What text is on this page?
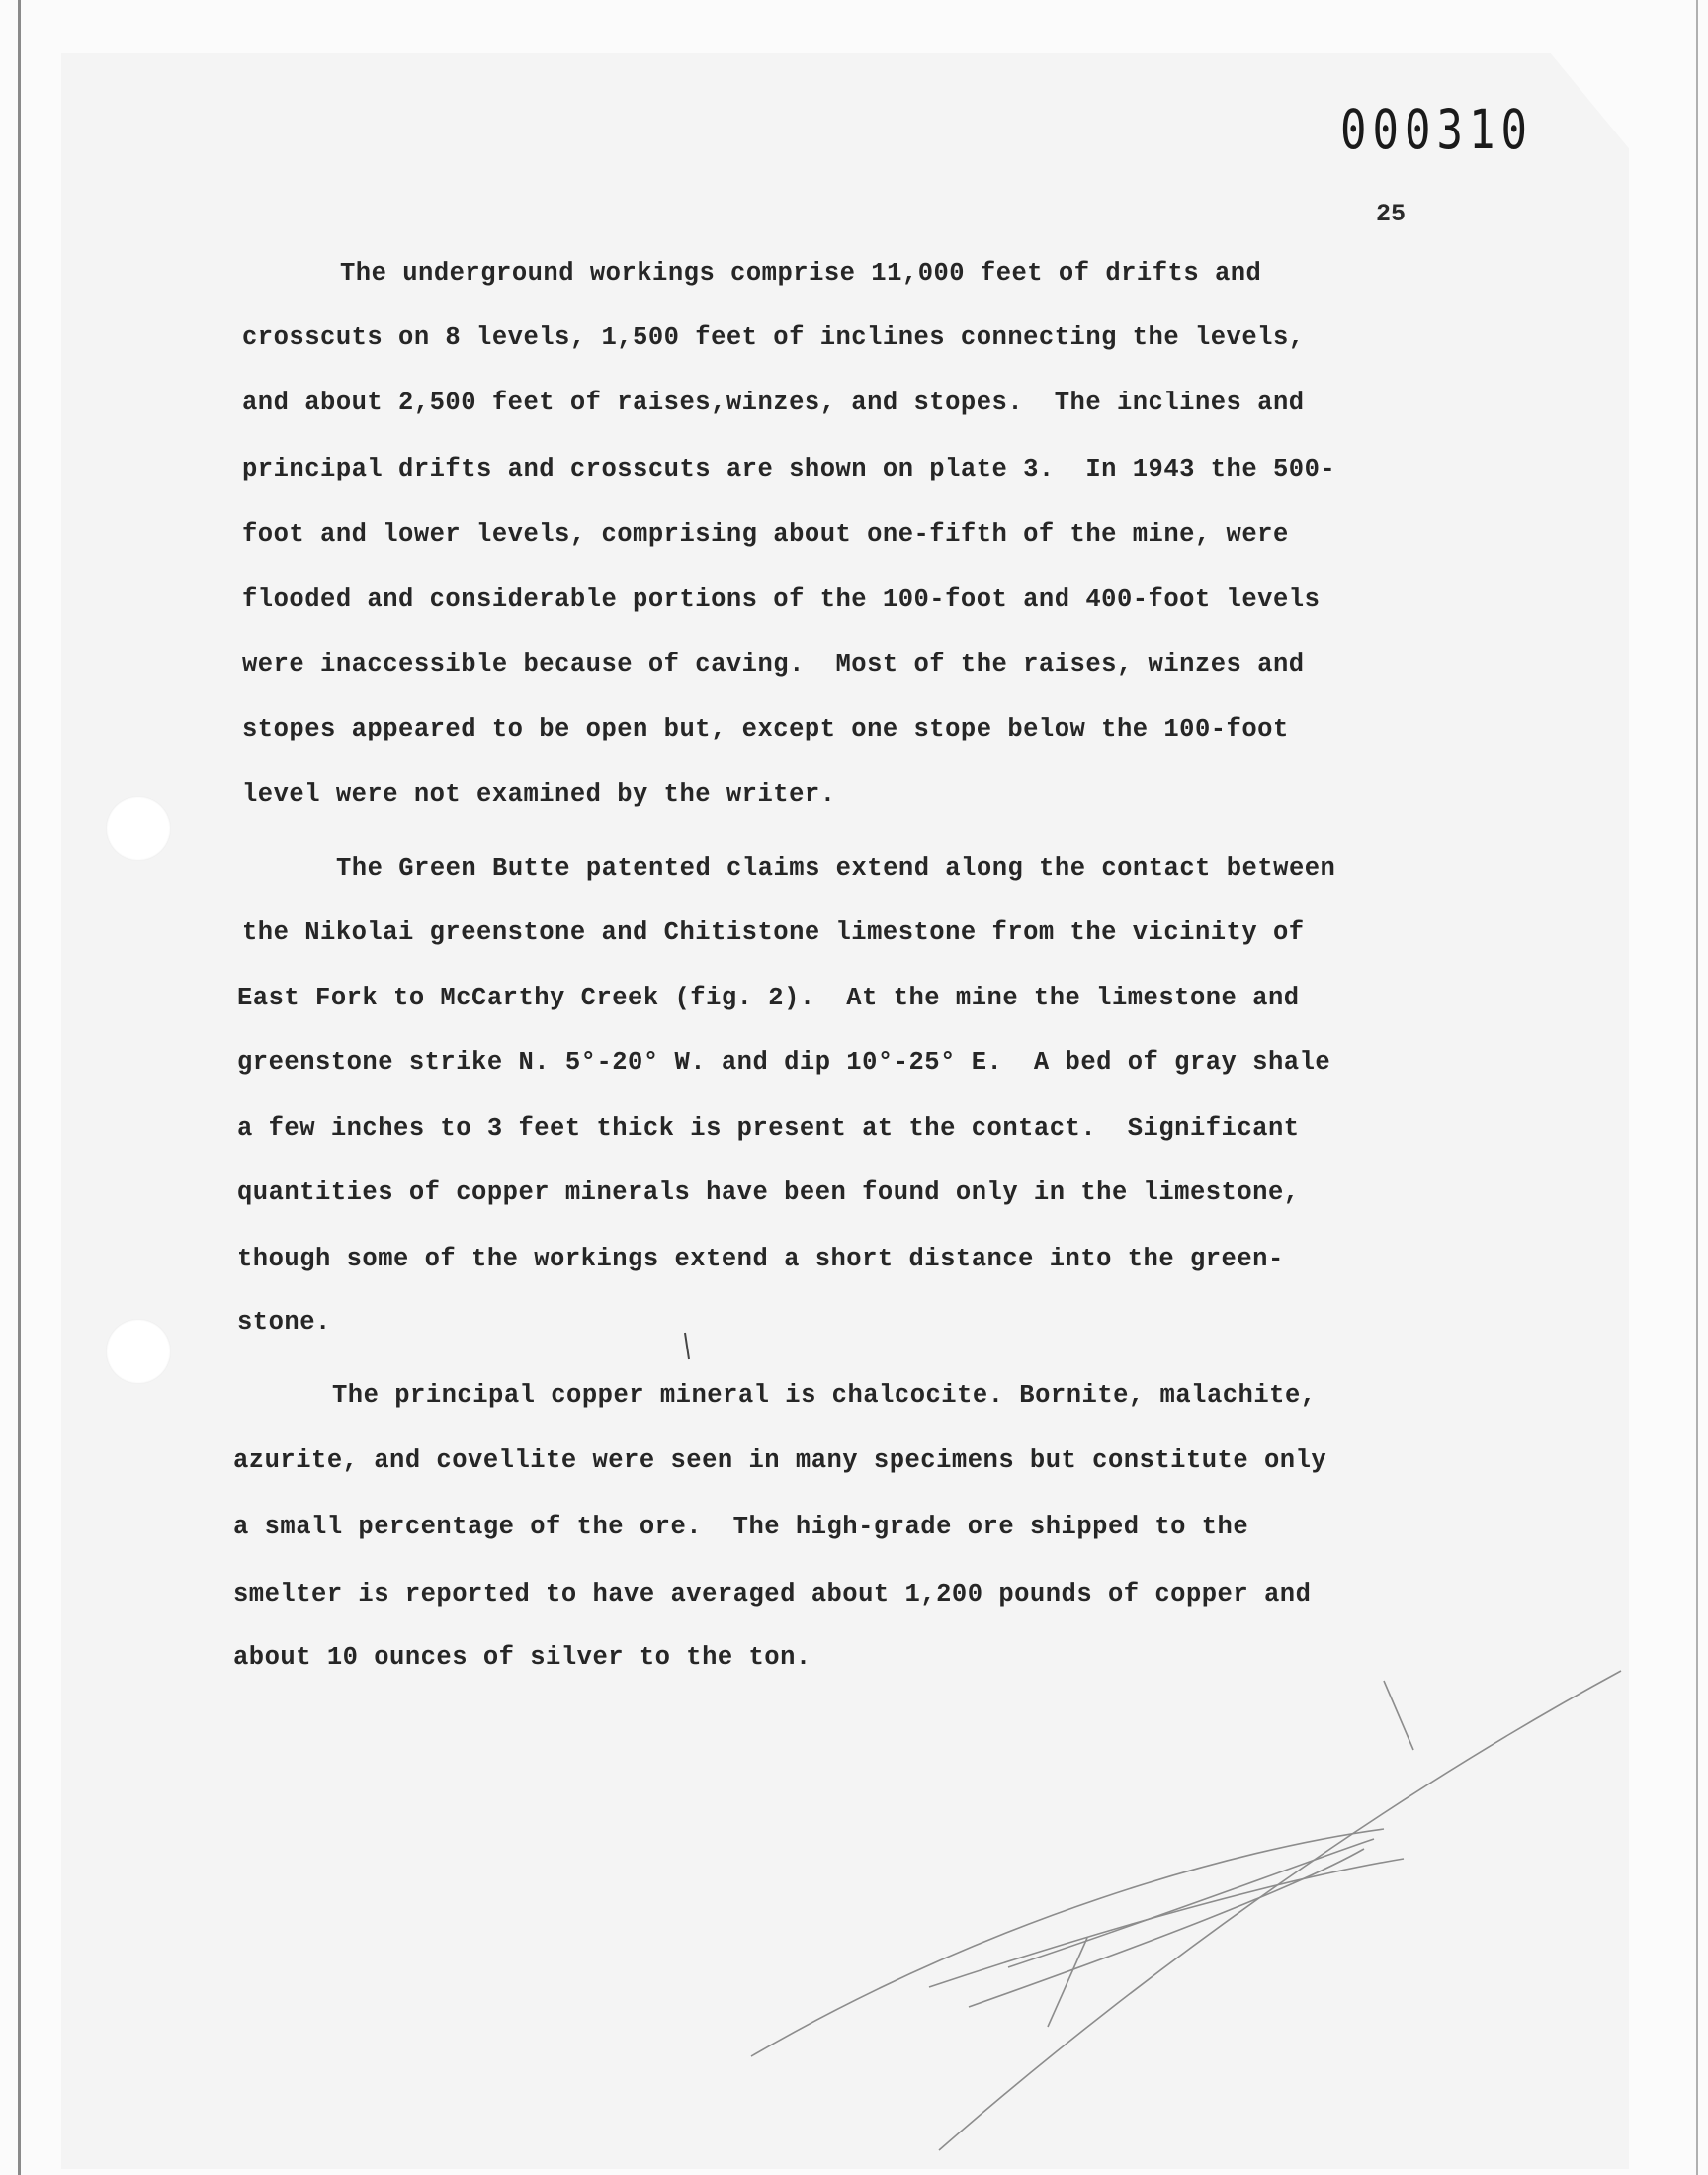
000310
25
The underground workings comprise 11,000 feet of drifts and
crosscuts on 8 levels, 1,500 feet of inclines connecting the levels,
and about 2,500 feet of raises,winzes, and stopes.  The inclines and
principal drifts and crosscuts are shown on plate 3.  In 1943 the 500-
foot and lower levels, comprising about one-fifth of the mine, were
flooded and considerable portions of the 100-foot and 400-foot levels
were inaccessible because of caving.  Most of the raises, winzes and
stopes appeared to be open but, except one stope below the 100-foot
level were not examined by the writer.
The Green Butte patented claims extend along the contact between
the Nikolai greenstone and Chitistone limestone from the vicinity of
East Fork to McCarthy Creek (fig. 2).  At the mine the limestone and
greenstone strike N. 5°-20° W. and dip 10°-25° E.  A bed of gray shale
a few inches to 3 feet thick is present at the contact.  Significant
quantities of copper minerals have been found only in the limestone,
though some of the workings extend a short distance into the green-
stone.
The principal copper mineral is chalcocite. Bornite, malachite,
azurite, and covellite were seen in many specimens but constitute only
a small percentage of the ore.  The high-grade ore shipped to the
smelter is reported to have averaged about 1,200 pounds of copper and
about 10 ounces of silver to the ton.
